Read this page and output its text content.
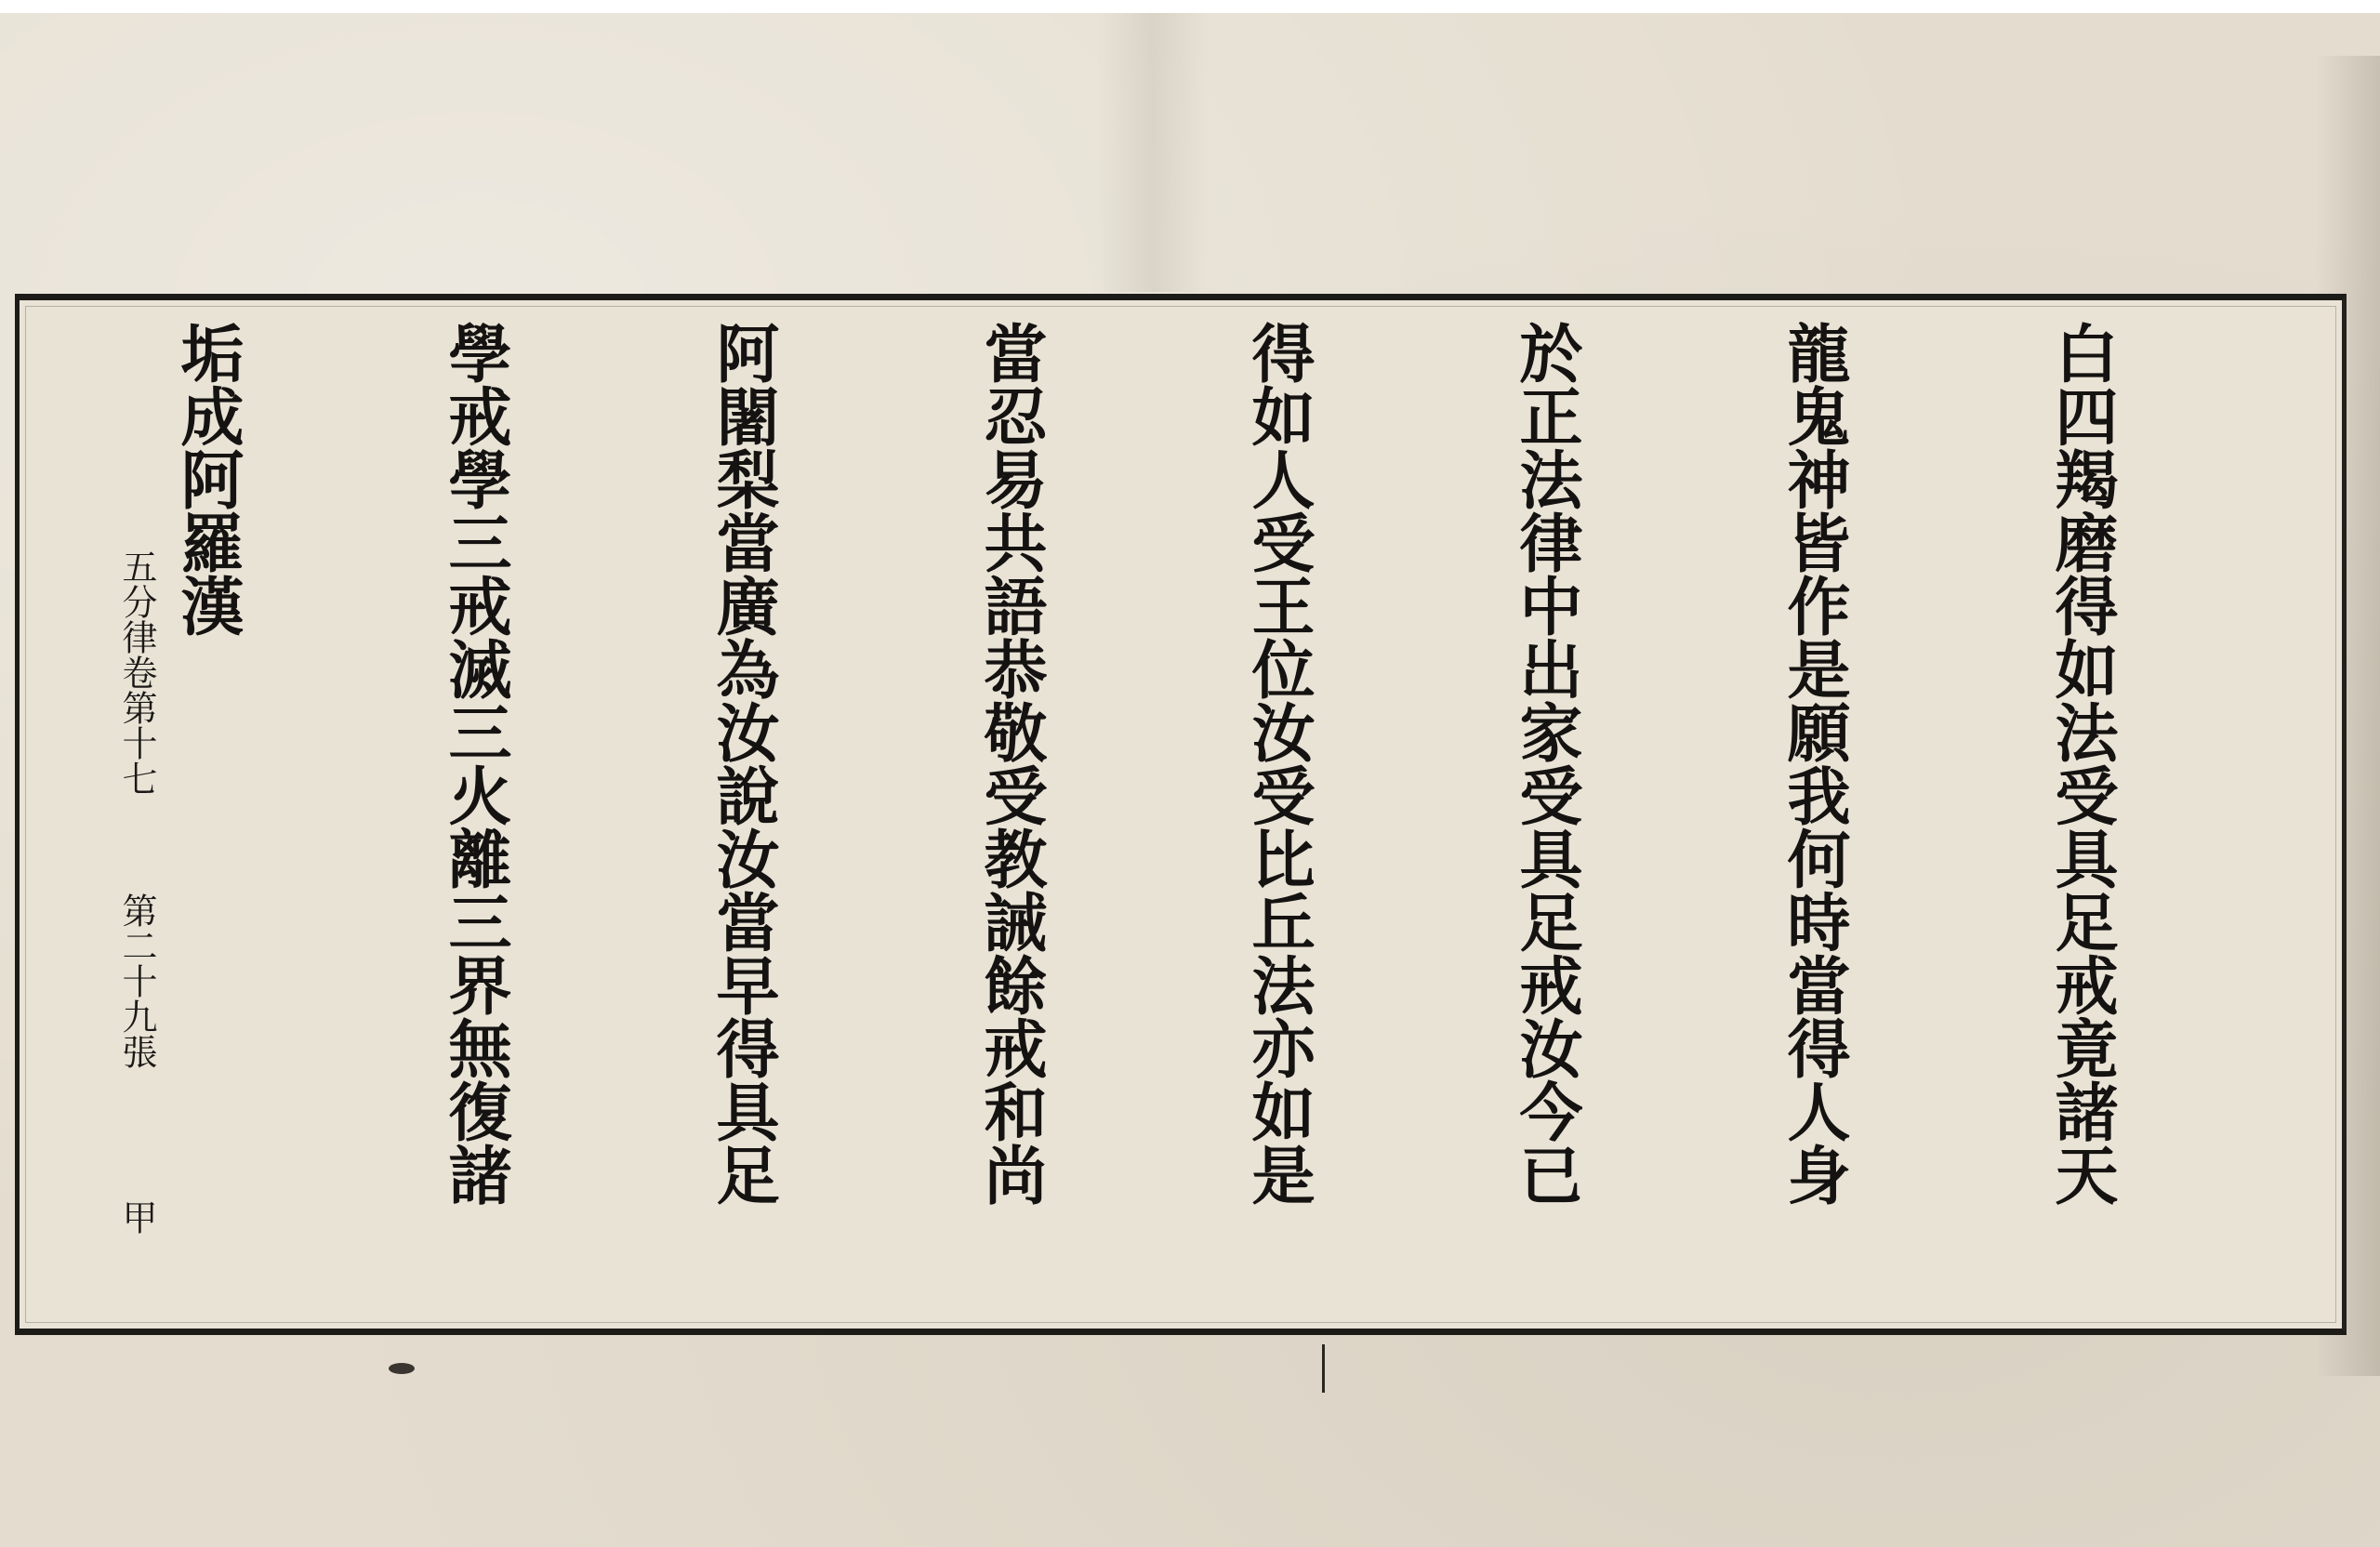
白四羯磨得如法受具足戒竟諸天

龍鬼神皆作是願我何時當得人身

於正法律中出家受具足戒汝今已

得如人受王位汝受比丘法亦如是

當忍易共語恭敬受教誡餘戒和尚

阿闍梨當廣為汝說汝當早得具足

學戒學三戒滅三火離三界無復諸

垢成阿羅漢

五分律卷第十七
第二十九張
甲
